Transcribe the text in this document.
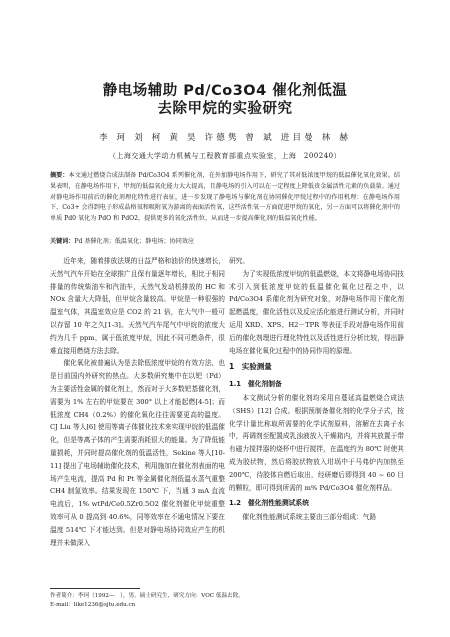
静电场辅助 Pd/Co3O4 催化剂低温
去除甲烷的实验研究
李 珂 刘 柯 黄 昊 许德隽 曾 斌 进目曼 林 赫
（上海交通大学动力机械与工程教育部重点实验室，上海　200240）
摘要：本文通过燃烧合成法制备 Pd/Co3O4 系列催化剂，在外加静电场作用下，研究了其对低浓度甲烷的低温催化氧化效果。结果表明，在静电场作用下，甲烷的低温氧化能力大大提高，且静电场的引入可以在一定程度上降低贵金属活性元素的负载量。通过对静电场作用前后的催化剂理化特性进行表征，进一步发现了静电场与催化剂在协同催化甲烷过程中的作用机理：在静电场作用下，Co3+ 会得到电子形成晶格氧和吸附氧为游离的表面活性氧，这些活性氧一方面促进甲烷的氧化，另一方面可以将催化剂中的单质 Pd0 氧化为 PdO 和 PdO2，提供更多的氧化活性位，从而进一步提高催化剂的低温氧化性能。
关键词：Pd 基催化剂；低温氧化；静电场；协同效应

近年来，随着排放法规的日益严格和油价的快速增长，天然气汽车开始在全球推广且保有量逐年增长，相比于相同排量的传统柴油车和汽油车，天然气发动机排放的 HC 和 NOx 含量大大降低，但甲烷含量较高。甲烷是一种很强的温室气体，其温室效应是 CO2 的 21 倍，在大气中一般可以存留 10 年之久[1-3]。天然气汽车尾气中甲烷的浓度大约为几千 ppm，属于低浓度甲烷，因此不同可燃条件，很难直接用燃烧方法去除。

催化氧化被普遍认为是去除低浓度甲烷的有效方法，也是目前国内外研究的热点。大多数研究集中在以钯（Pd）为主要活性金属的催化剂上，然而对于大多数钯基催化剂，需要为 1% 左右的甲烷要在 300° 以上才能起燃[4-5]；而低浓度 CH4（0.2%）的催化氧化往往需要更高的温度。CJ Liu 等人[6] 使用等离子体催化技术来实现甲烷的低温催化，但是等离子体的产生需要消耗很大的能量。为了降低能量损耗，并同时提高催化剂的低温活性，Sekine 等人[10-11] 提出了电场辅助催化技术，利用施加在催化剂表面的电场产生电流，提高 Pd 和 Pt 等金属催化剂低温水蒸气重整 CH4 制氢效率。结果发现在 150℃ 下，当通 3 mA 直流电流后，1% wtPd/Ce0.5Zr0.5O2 催化剂催化甲烷重整效率可从 0 提高到 40.6%，同等效率在不通电情况下要在温度 514℃ 下才能达到。但是对静电场协同效应产生的机理并未做深入

研究。

为了实现低浓度甲烷的低温燃烧，本文将静电场协同技术引入到低浓度甲烷的低温催化氧化过程之中，以 Pd/Co3O4 系催化剂为研究对象，对静电场作用下催化剂起燃温度，催化活性以及反应活化能进行测试分析，并同时运用 XRD、XPS、H2－TPR 等表征手段对静电场作用前后的催化剂理进行理化特性以及活性进行分析比较，得出静电场在催化氧化过程中的协同作用的原理。

1　实验测量
1.1　催化剂制备

本文测试分析的催化剂均采用自蔓延高温燃烧合成法（SHS）[12] 合成。根据预制备催化剂的化学分子式，按化学计量比称取所需要的化学试剂原料，溶解在去离子水中，再调剂至配置成乳浊液放入干燥箱内，并将其放置于带有磁力搅拌器的烧杯中进行搅拌，在温度约为 80℃ 时使其成为胶状物，然后将胶状物放入坩埚中于马弗炉内加热至 200℃，待胶体自燃后取出，经研磨后即得到 40 ~ 60 目的颗粒，即可得到所需的 m% Pd/Co3O4 催化剂样品。

1.2　催化剂性能测试系统

催化剂性能测试系统主要由三部分组成：气路

作者简介：李珂（1992—　），男，硕士研究生，研究方向：VOC 低温去除。
E-mail：like1236@sjtu.edu.cn
